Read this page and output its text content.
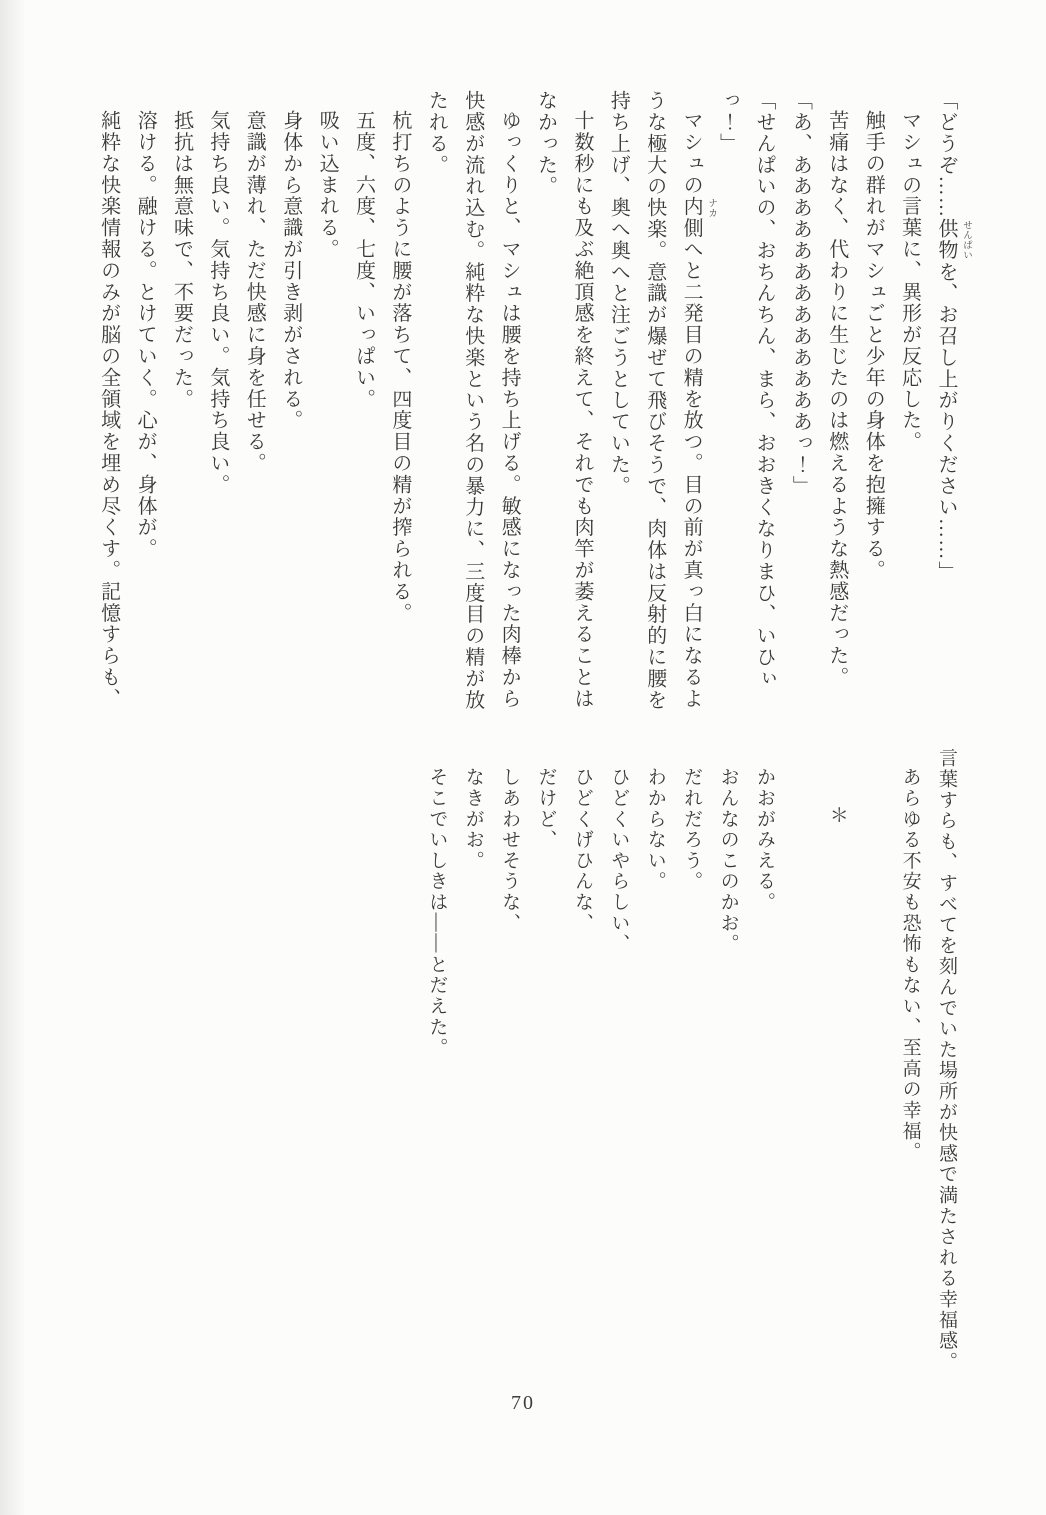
「どうぞ……供物 せんぱい
を、お召し上がりください……」

マシュの言葉に、異形が反応した。

触手の群れがマシュごと少年の身体を抱擁する。

苦痛はなく、代わりに生じたのは燃えるような熱感だった。

「あ、あああああああああああああっ！」

「せんぱいの、おちんちん、まら、おおきくなりまひ、いひぃ

っ！」

マシュの内側 ナカ
へと二発目の精を放つ。目の前が真っ白になるよ

うな極大の快楽。意識が爆ぜて飛びそうで、肉体は反射的に腰を

持ち上げ、奥へ奥へと注ごうとしていた。

十数秒にも及ぶ絶頂感を終えて、それでも肉竿が萎えることは

なかった。

ゆっくりと、マシュは腰を持ち上げる。敏感になった肉棒から

快感が流れ込む。純粋な快楽という名の暴力に、三度目の精が放

たれる。

杭打ちのように腰が落ちて、四度目の精が搾られる。

五度、六度、七度、いっぱい。

吸い込まれる。

身体から意識が引き剥がされる。

意識が薄れ、ただ快感に身を任せる。

気持ち良い。気持ち良い。気持ち良い。

抵抗は無意味で、不要だった。

溶ける。融ける。とけていく。心が、身体が。

純粋な快楽情報のみが脳の全領域を埋め尽くす。記憶すらも、

言葉すらも、すべてを刻んでいた場所が快感で満たされる幸福感。

あらゆる不安も恐怖もない、至高の幸福。

＊

かおがみえる。

おんなのこのかお。

だれだろう。

わからない。

ひどくいやらしい、

ひどくげひんな、

だけど、

しあわせそうな、

なきがお。

そこでいしきは――とだえた。

70
